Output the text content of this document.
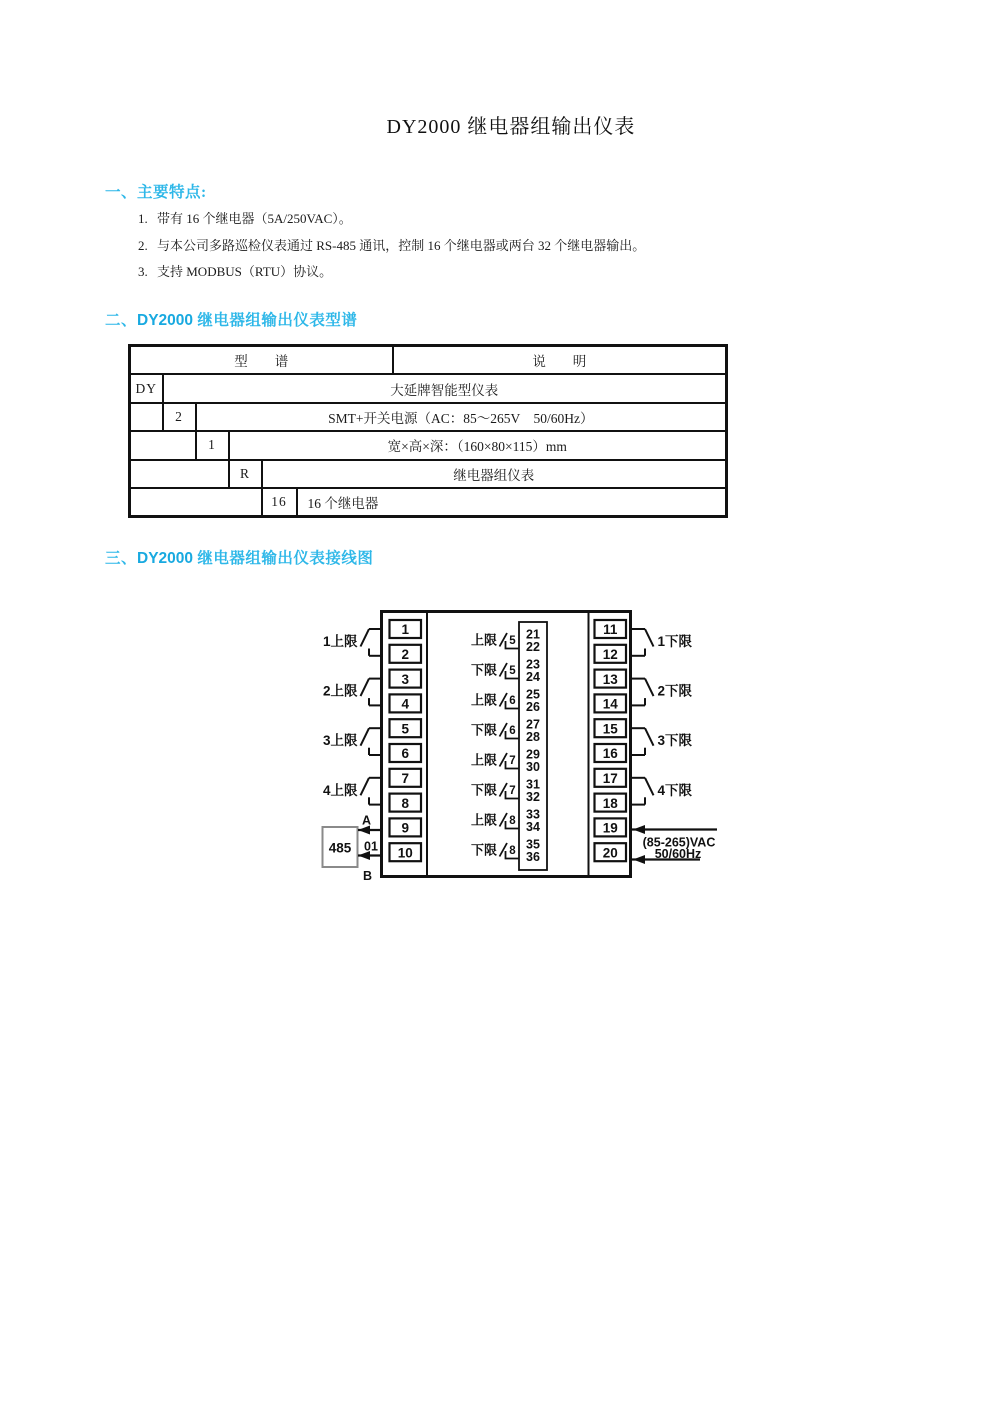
DY2000 继电器组输出仪表
一、主要特点:
1. 带有 16 个继电器（5A/250VAC）。
2. 与本公司多路巡检仪表通过 RS-485 通讯，控制 16 个继电器或两台 32 个继电器输出。
3. 支持 MODBUS（RTU）协议。
二、DY2000 继电器组输出仪表型谱
型　　谱						说　　明
DY	大延牌智能型仪表					
	2	SMT+开关电源（AC：85～265V　50/60Hz）				
		1	宽×高×深：（160×80×115）mm			
			R	继电器组仪表		
				16	16 个继电器	
三、DY2000 继电器组输出仪表接线图
1
2
3
4
5
6
7
8
9
10
11
12
13
14
15
16
17
18
19
20
21
22
23
24
25
26
27
28
29
30
31
32
33
34
35
36
上限 5
下限 5
上限 6
下限 6
上限 7
下限 7
上限 8
下限 8
1上限
2上限
3上限
4上限
1下限
2下限
3下限
4下限
485
A
01
B
(85-265)VAC
50/60Hz
